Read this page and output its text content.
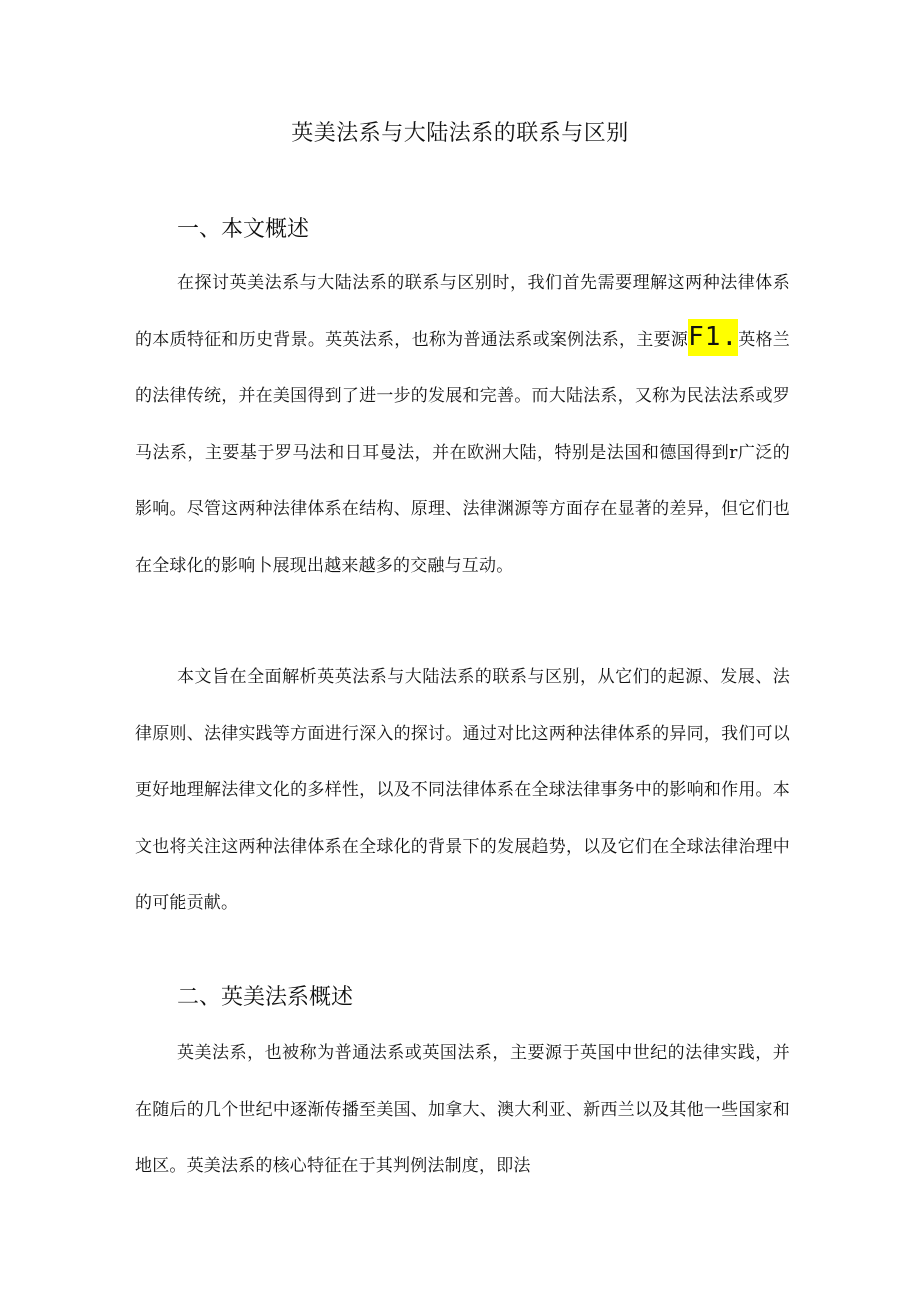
英美法系与大陆法系的联系与区别
一、本文概述

在探讨英美法系与大陆法系的联系与区别时，我们首先需要理解这两种法律体系的本质特征和历史背景。英英法系，也称为普通法系或案例法系，主要源F1.英格兰的法律传统，并在美国得到了进一步的发展和完善。而大陆法系，又称为民法法系或罗马法系，主要基于罗马法和日耳曼法，并在欧洲大陆，特别是法国和德国得到r广泛的影响。尽管这两种法律体系在结构、原理、法律渊源等方面存在显著的差异，但它们也在全球化的影响卜展现出越来越多的交融与互动。

本文旨在全面解析英英法系与大陆法系的联系与区别，从它们的起源、发展、法律原则、法律实践等方面进行深入的探讨。通过对比这两种法律体系的异同，我们可以更好地理解法律文化的多样性，以及不同法律体系在全球法律事务中的影响和作用。本文也将关注这两种法律体系在全球化的背景下的发展趋势，以及它们在全球法律治理中的可能贡献。

二、英美法系概述

英美法系，也被称为普通法系或英国法系，主要源于英国中世纪的法律实践，并在随后的几个世纪中逐渐传播至美国、加拿大、澳大利亚、新西兰以及其他一些国家和地区。英美法系的核心特征在于其判例法制度，即法
